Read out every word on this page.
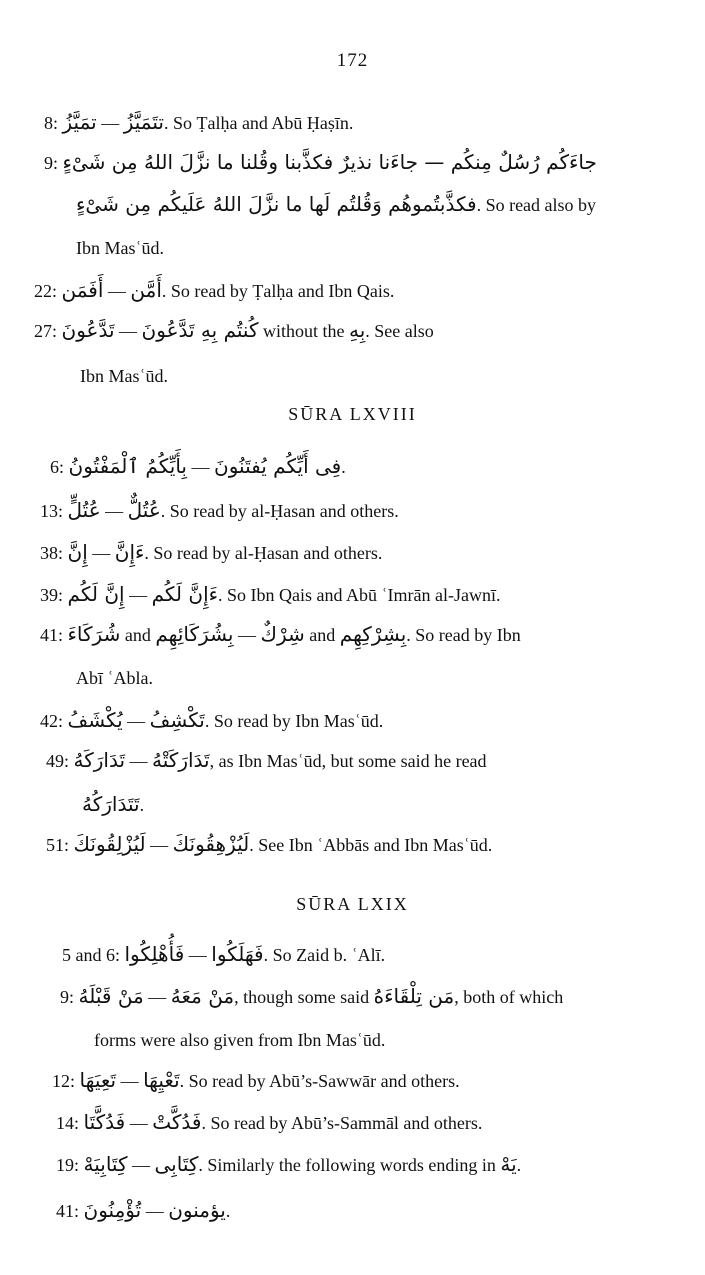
172
8: تمَيَّزُ — تتَمَيَّزُ. So Ṭalḥa and Abū Ḥaṣīn.
9: جاءَكُم رُسُلٌ مِنكُم — جاءَنا نذيرٌ فكذَّبنا وقُلنا ما نزَّلَ اللهُ مِن شَىْءٍ
فكذَّبتُموهُم وَقُلتُم لَها ما نزَّلَ اللهُ عَلَيكُم مِن شَىْءٍ. So read also by
Ibn Masʿūd.
22: أَفَمَن — أَمَّن. So read by Ṭalḥa and Ibn Qais.
27: تَدَّعُونَ — كُنتُم بِهِ تَدَّعُونَ without the بِهِ. See also
Ibn Masʿūd.
SŪRA LXVIII
6: بِأَيِّكُمُ ٱلْمَفْتُونُ — فِى أَيِّكُم يُفتَنُونَ.
13: عُتُلٍّ — عُتُلٌّ. So read by al-Ḥasan and others.
38: إِنَّ — ءَإِنَّ. So read by al-Ḥasan and others.
39: إِنَّ لَكُم — ءَإِنَّ لَكُم. So Ibn Qais and Abū ʿImrān al-Jawnī.
41: شُرَكَاءَ and بِشُرَكَائِهِم — شِرْكٌ and بِشِرْكِهِم. So read by Ibn
Abī ʿAbla.
42: يُكْشَفُ — تَكْشِفُ. So read by Ibn Masʿūd.
49: تَدَارَكَهُ — تَدَارَكَتْهُ, as Ibn Masʿūd, but some said he read
تَتَدَارَكُهُ.
51: لَيُزْلِقُونَكَ — لَيُزْهِقُونَكَ. See Ibn ʿAbbās and Ibn Masʿūd.
SŪRA LXIX
5 and 6: فَأُهْلِكُوا — فَهَلَكُوا. So Zaid b. ʿAlī.
9: مَنْ قَبْلَهُ — مَنْ مَعَهُ, though some said مَن تِلْقَاءَهُ, both of which
forms were also given from Ibn Masʿūd.
12: تَعِيَهَا — تَعْيِهَا. So read by Abū’s-Sawwār and others.
14: فَدُكَّتَا — فَدُكَّتْ. So read by Abū’s-Sammāl and others.
19: كِتَابِيَهْ — كِتَابِى. Similarly the following words ending in يَهْ.
41: تُؤْمِنُونَ — يؤمنون.
